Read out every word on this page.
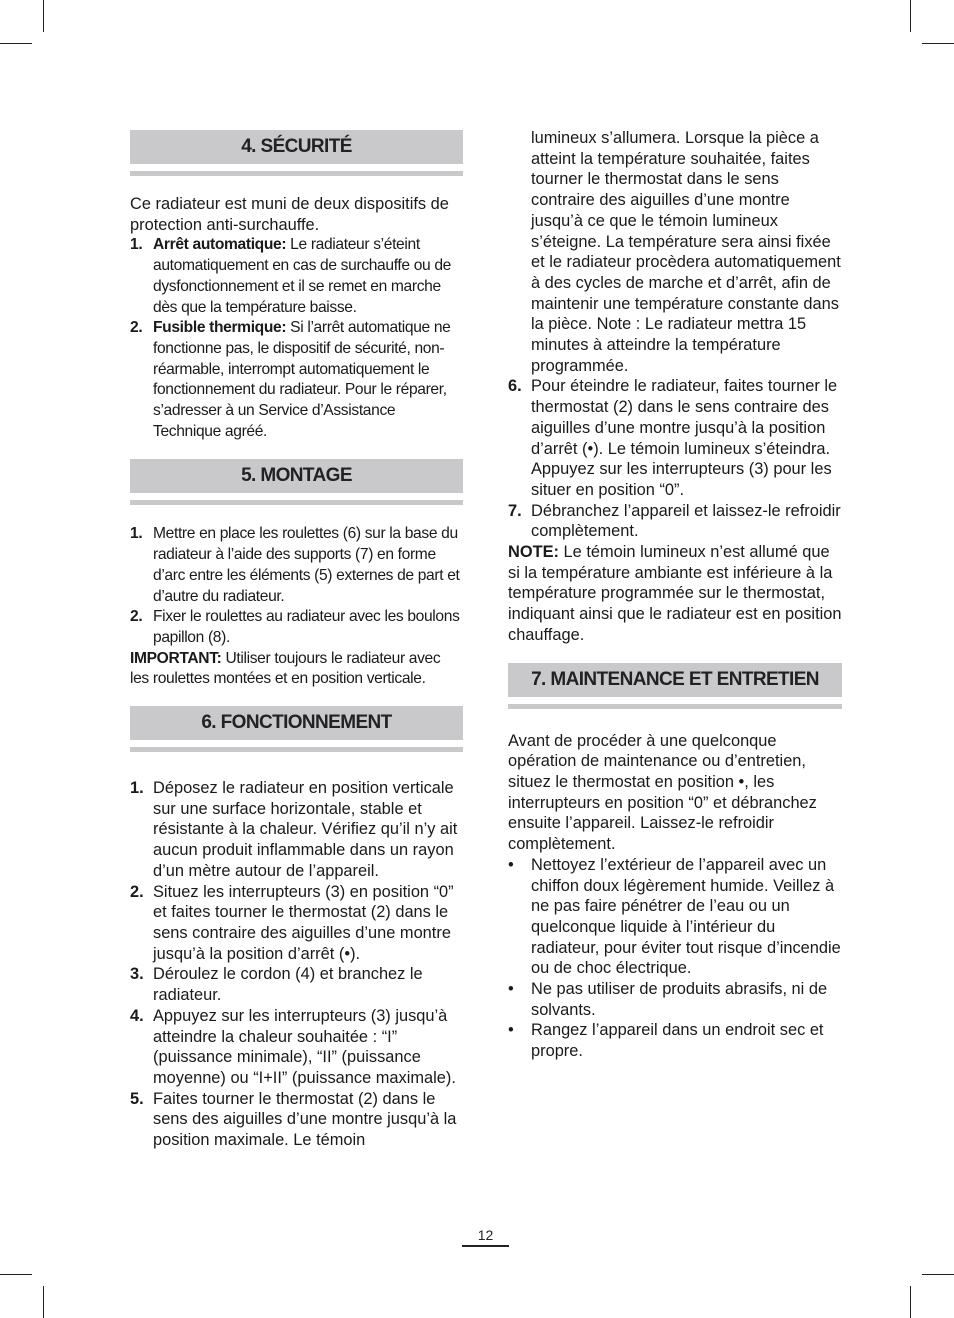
4. SÉCURITÉ

Ce radiateur est muni de deux dispositifs de protection anti-surchauffe.

1. Arrêt automatique: Le radiateur s’éteint automatiquement en cas de surchauffe ou de dysfonctionnement et il se remet en marche dès que la température baisse.
2. Fusible thermique: Si l’arrêt automatique ne fonctionne pas, le dispositif de sécurité, non-réarmable, interrompt automatiquement le fonctionnement du radiateur. Pour le réparer, s’adresser à un Service d’Assistance Technique agréé.
5. MONTAGE
1. Mettre en place les roulettes (6) sur la base du radiateur à l’aide des supports (7) en forme d’arc entre les éléments (5) externes de part et d’autre du radiateur.
2. Fixer le roulettes au radiateur avec les boulons papillon (8).

IMPORTANT: Utiliser toujours le radiateur avec les roulettes montées et en position verticale.

6. FONCTIONNEMENT
1. Déposez le radiateur en position verticale sur une surface horizontale, stable et résistante à la chaleur. Vérifiez qu’il n’y ait aucun produit inflammable dans un rayon d’un mètre autour de l’appareil.
2. Situez les interrupteurs (3) en position “0” et faites tourner le thermostat (2) dans le sens contraire des aiguilles d’une montre jusqu’à la position d’arrêt (•).
3. Déroulez le cordon (4) et branchez le radiateur.
4. Appuyez sur les interrupteurs (3) jusqu’à atteindre la chaleur souhaitée : “I” (puissance minimale), “II” (puissance moyenne) ou “I+II” (puissance maximale).
5. Faites tourner le thermostat (2) dans le sens des aiguilles d’une montre jusqu’à la position maximale. Le témoin

lumineux s’allumera. Lorsque la pièce a atteint la température souhaitée, faites tourner le thermostat dans le sens contraire des aiguilles d’une montre jusqu’à ce que le témoin lumineux s’éteigne. La température sera ainsi fixée et le radiateur procèdera automatiquement à des cycles de marche et d’arrêt, afin de maintenir une température constante dans la pièce. Note : Le radiateur mettra 15 minutes à atteindre la température programmée.

6. Pour éteindre le radiateur, faites tourner le thermostat (2) dans le sens contraire des aiguilles d’une montre jusqu’à la position d’arrêt (•). Le témoin lumineux s’éteindra. Appuyez sur les interrupteurs (3) pour les situer en position “0”.
7. Débranchez l’appareil et laissez-le refroidir complètement.

NOTE: Le témoin lumineux n’est allumé que si la température ambiante est inférieure à la température programmée sur le thermostat, indiquant ainsi que le radiateur est en position chauffage.

7. MAINTENANCE ET ENTRETIEN

Avant de procéder à une quelconque opération de maintenance ou d’entretien, situez le thermostat en position •, les interrupteurs en position “0” et débranchez ensuite l’appareil. Laissez-le refroidir complètement.

• Nettoyez l’extérieur de l’appareil avec un chiffon doux légèrement humide. Veillez à ne pas faire pénétrer de l’eau ou un quelconque liquide à l’intérieur du radiateur, pour éviter tout risque d’incendie ou de choc électrique.
• Ne pas utiliser de produits abrasifs, ni de solvants.
• Rangez l’appareil dans un endroit sec et propre.
12
